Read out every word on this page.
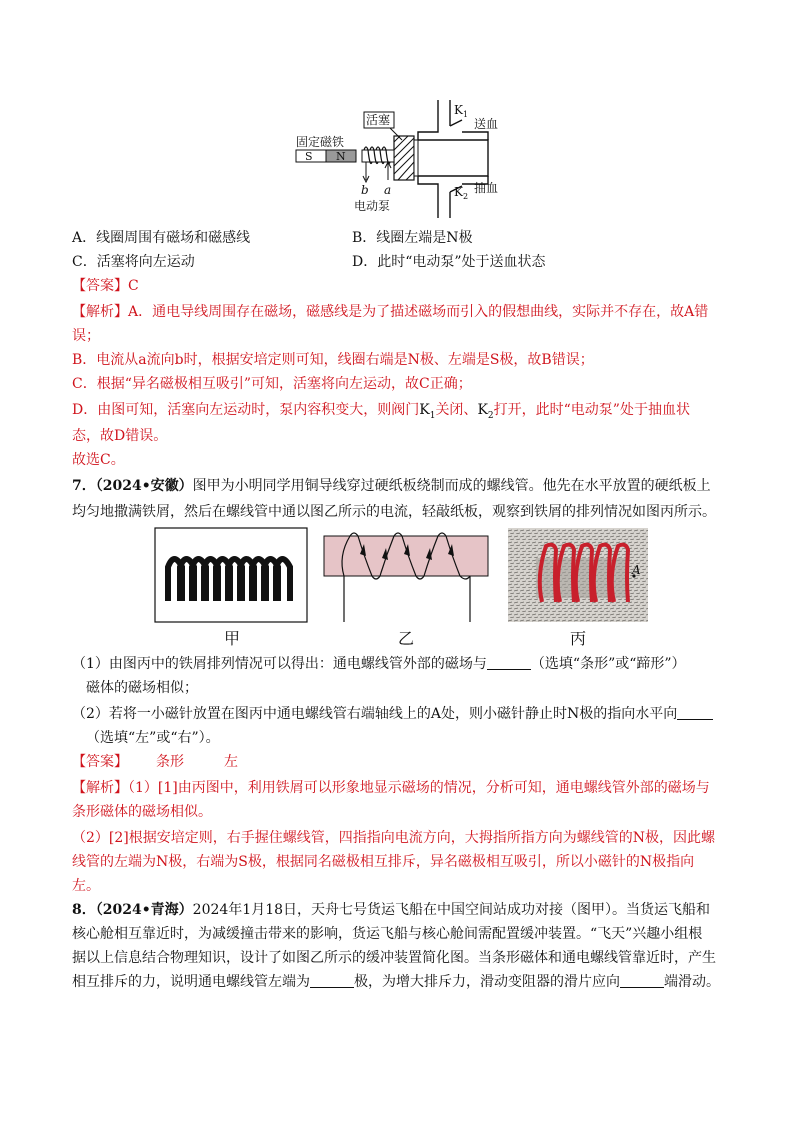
S N
固定磁铁
活塞
b a
电动泵
K 1
K 2
送血
抽血
A．线圈周围有磁场和磁感线	B．线圈左端是N极
C．活塞将向左运动	D．此时“电动泵”处于送血状态
【答案】C
【解析】A．通电导线周围存在磁场，磁感线是为了描述磁场而引入的假想曲线，实际并不存在，故A错
误；
B．电流从a流向b时，根据安培定则可知，线圈右端是N极、左端是S极，故B错误；
C．根据“异名磁极相互吸引”可知，活塞将向左运动，故C正确；
D．由图可知，活塞向左运动时，泵内容积变大，则阀门$K_1$关闭、$K_2$打开，此时“电动泵”处于抽血状
态，故D错误。
故选C。
7．（2024•安徽）图甲为小明同学用铜导线穿过硬纸板绕制而成的螺线管。他先在水平放置的硬纸板上
均匀地撒满铁屑，然后在螺线管中通以图乙所示的电流，轻敲纸板，观察到铁屑的排列情况如图丙所示。
A
甲	乙	丙
（1）由图丙中的铁屑排列情况可以得出：通电螺线管外部的磁场与	（选填“条形”或“蹄形”）
磁体的磁场相似；
（2）若将一小磁针放置在图丙中通电螺线管右端轴线上的A处，则小磁针静止时N极的指向水平向
（选填“左”或“右”）。
【答案】 条形	左
【解析】（1）[1]由丙图中，利用铁屑可以形象地显示磁场的情况，分析可知，通电螺线管外部的磁场与
条形磁体的磁场相似。
（2）[2]根据安培定则，右手握住螺线管，四指指向电流方向，大拇指所指方向为螺线管的N极，因此螺
线管的左端为N极，右端为S极，根据同名磁极相互排斥，异名磁极相互吸引，所以小磁针的N极指向
左。
8．（2024•青海）2024年1月18日，天舟七号货运飞船在中国空间站成功对接（图甲）。当货运飞船和
核心舱相互靠近时，为减缓撞击带来的影响，货运飞船与核心舱间需配置缓冲装置。“飞天”兴趣小组根
据以上信息结合物理知识，设计了如图乙所示的缓冲装置简化图。当条形磁体和通电螺线管靠近时，产生
相互排斥的力，说明通电螺线管左端为	极，为增大排斥力，滑动变阻器的滑片应向	端滑动。
